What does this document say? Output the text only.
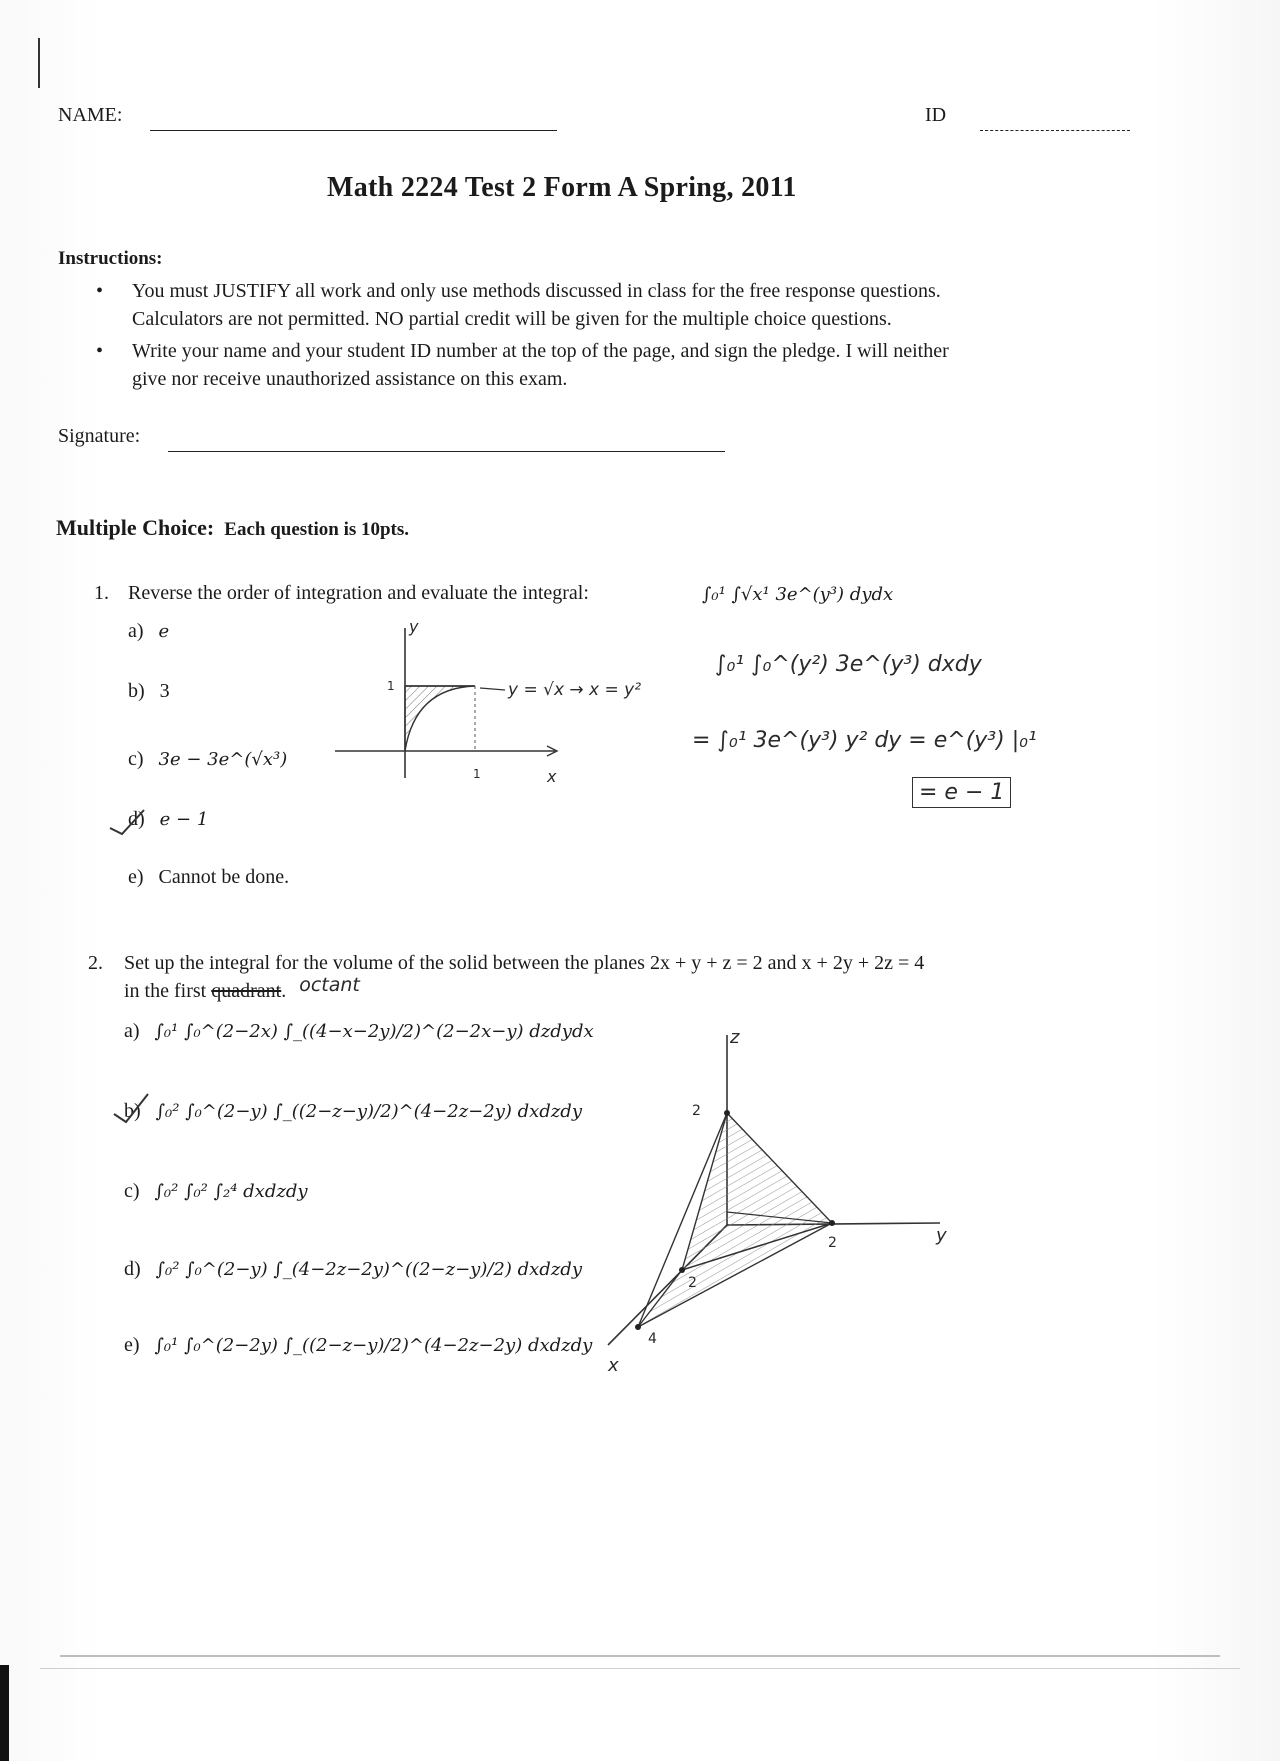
NAME:	ID
Math 2224 Test 2 Form A Spring, 2011
Instructions:
• You must JUSTIFY all work and only use methods discussed in class for the free response questions.
Calculators are not permitted. NO partial credit will be given for the multiple choice questions.
• Write your name and your student ID number at the top of the page, and sign the pledge. I will neither
give nor receive unauthorized assistance on this exam.
Signature:
Multiple Choice: Each question is 10pts.
1. Reverse the order of integration and evaluate the integral:	∫₀¹ ∫√x¹ 3e^(y³) dydx
a) e
b) 3
c) 3e − 3e^(√x³)
d) e − 1
e) Cannot be done.
y
x
1
1
y = √x → x = y²
∫₀¹ ∫₀^(y²) 3e^(y³) dxdy
= ∫₀¹ 3e^(y³) y² dy = e^(y³) |₀¹
= e − 1
2. Set up the integral for the volume of the solid between the planes 2x + y + z = 2 and x + 2y + 2z = 4
in the first quadrant. octant
a) ∫₀¹ ∫₀^(2−2x) ∫_((4−x−2y)/2)^(2−2x−y) dzdydx
b) ∫₀² ∫₀^(2−y) ∫_((2−z−y)/2)^(4−2z−2y) dxdzdy
c) ∫₀² ∫₀² ∫₂⁴ dxdzdy
d) ∫₀² ∫₀^(2−y) ∫_(4−2z−2y)^((2−z−y)/2) dxdzdy
e) ∫₀¹ ∫₀^(2−2y) ∫_((2−z−y)/2)^(4−2z−2y) dxdzdy
z
y
x
2
2
2
4
